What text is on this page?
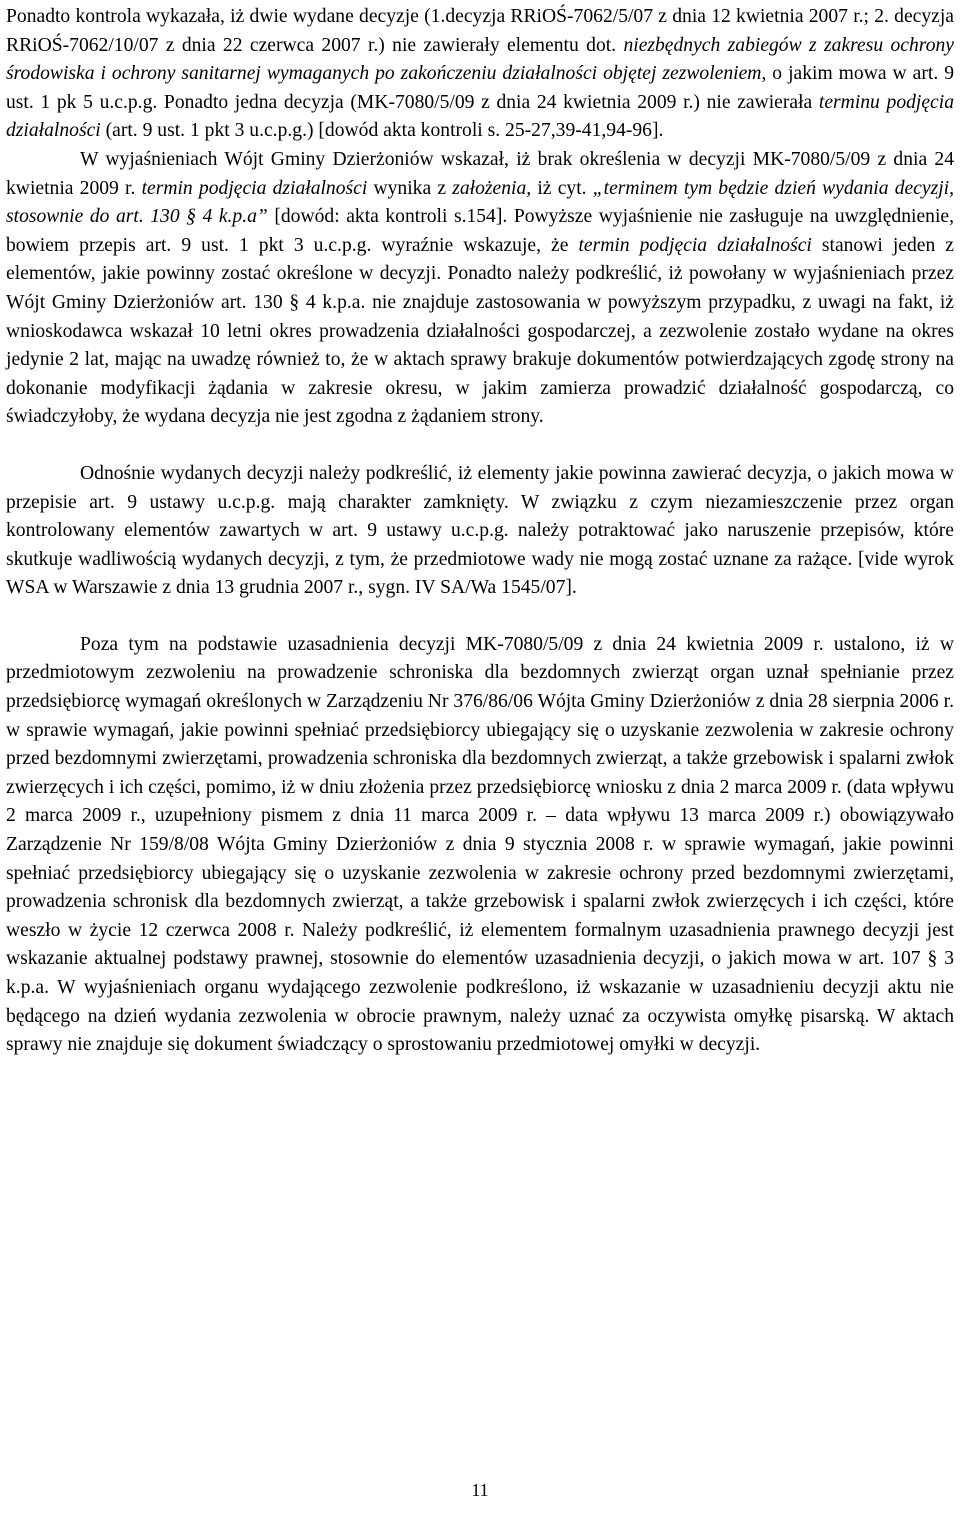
Ponadto kontrola wykazała, iż dwie wydane decyzje (1.decyzja RRiOŚ-7062/5/07 z dnia 12 kwietnia 2007 r.; 2. decyzja RRiOŚ-7062/10/07 z dnia 22 czerwca 2007 r.) nie zawierały elementu dot. niezbędnych zabiegów z zakresu ochrony środowiska i ochrony sanitarnej wymaganych po zakończeniu działalności objętej zezwoleniem, o jakim mowa w art. 9 ust. 1 pk 5 u.c.p.g. Ponadto jedna decyzja (MK-7080/5/09 z dnia 24 kwietnia 2009 r.) nie zawierała terminu podjęcia działalności (art. 9 ust. 1 pkt 3 u.c.p.g.) [dowód akta kontroli s. 25-27,39-41,94-96].

W wyjaśnieniach Wójt Gminy Dzierżoniów wskazał, iż brak określenia w decyzji MK-7080/5/09 z dnia 24 kwietnia 2009 r. termin podjęcia działalności wynika z założenia, iż cyt. „terminem tym będzie dzień wydania decyzji, stosownie do art. 130 § 4 k.p.a” [dowód: akta kontroli s.154]. Powyższe wyjaśnienie nie zasługuje na uwzględnienie, bowiem przepis art. 9 ust. 1 pkt 3 u.c.p.g. wyraźnie wskazuje, że termin podjęcia działalności stanowi jeden z elementów, jakie powinny zostać określone w decyzji. Ponadto należy podkreślić, iż powołany w wyjaśnieniach przez Wójt Gminy Dzierżoniów art. 130 § 4 k.p.a. nie znajduje zastosowania w powyższym przypadku, z uwagi na fakt, iż wnioskodawca wskazał 10 letni okres prowadzenia działalności gospodarczej, a zezwolenie zostało wydane na okres jedynie 2 lat, mając na uwadzę również to, że w aktach sprawy brakuje dokumentów potwierdzających zgodę strony na dokonanie modyfikacji żądania w zakresie okresu, w jakim zamierza prowadzić działalność gospodarczą, co świadczyłoby, że wydana decyzja nie jest zgodna z żądaniem strony.

Odnośnie wydanych decyzji należy podkreślić, iż elementy jakie powinna zawierać decyzja, o jakich mowa w przepisie art. 9 ustawy u.c.p.g. mają charakter zamknięty. W związku z czym niezamieszczenie przez organ kontrolowany elementów zawartych w art. 9 ustawy u.c.p.g. należy potraktować jako naruszenie przepisów, które skutkuje wadliwością wydanych decyzji, z tym, że przedmiotowe wady nie mogą zostać uznane za rażące. [vide wyrok WSA w Warszawie z dnia 13 grudnia 2007 r., sygn. IV SA/Wa 1545/07].

Poza tym na podstawie uzasadnienia decyzji MK-7080/5/09 z dnia 24 kwietnia 2009 r. ustalono, iż w przedmiotowym zezwoleniu na prowadzenie schroniska dla bezdomnych zwierząt organ uznał spełnianie przez przedsiębiorcę wymagań określonych w Zarządzeniu Nr 376/86/06 Wójta Gminy Dzierżoniów z dnia 28 sierpnia 2006 r. w sprawie wymagań, jakie powinni spełniać przedsiębiorcy ubiegający się o uzyskanie zezwolenia w zakresie ochrony przed bezdomnymi zwierzętami, prowadzenia schroniska dla bezdomnych zwierząt, a także grzebowisk i spalarni zwłok zwierzęcych i ich części, pomimo, iż w dniu złożenia przez przedsiębiorcę wniosku z dnia 2 marca 2009 r. (data wpływu 2 marca 2009 r., uzupełniony pismem z dnia 11 marca 2009 r. – data wpływu 13 marca 2009 r.) obowiązywało Zarządzenie Nr 159/8/08 Wójta Gminy Dzierżoniów z dnia 9 stycznia 2008 r. w sprawie wymagań, jakie powinni spełniać przedsiębiorcy ubiegający się o uzyskanie zezwolenia w zakresie ochrony przed bezdomnymi zwierzętami, prowadzenia schronisk dla bezdomnych zwierząt, a także grzebowisk i spalarni zwłok zwierzęcych i ich części, które weszło w życie 12 czerwca 2008 r. Należy podkreślić, iż elementem formalnym uzasadnienia prawnego decyzji jest wskazanie aktualnej podstawy prawnej, stosownie do elementów uzasadnienia decyzji, o jakich mowa w art. 107 § 3 k.p.a. W wyjaśnieniach organu wydającego zezwolenie podkreślono, iż wskazanie w uzasadnieniu decyzji aktu nie będącego na dzień wydania zezwolenia w obrocie prawnym, należy uznać za oczywista omyłkę pisarską. W aktach sprawy nie znajduje się dokument świadczący o sprostowaniu przedmiotowej omyłki w decyzji.

11
